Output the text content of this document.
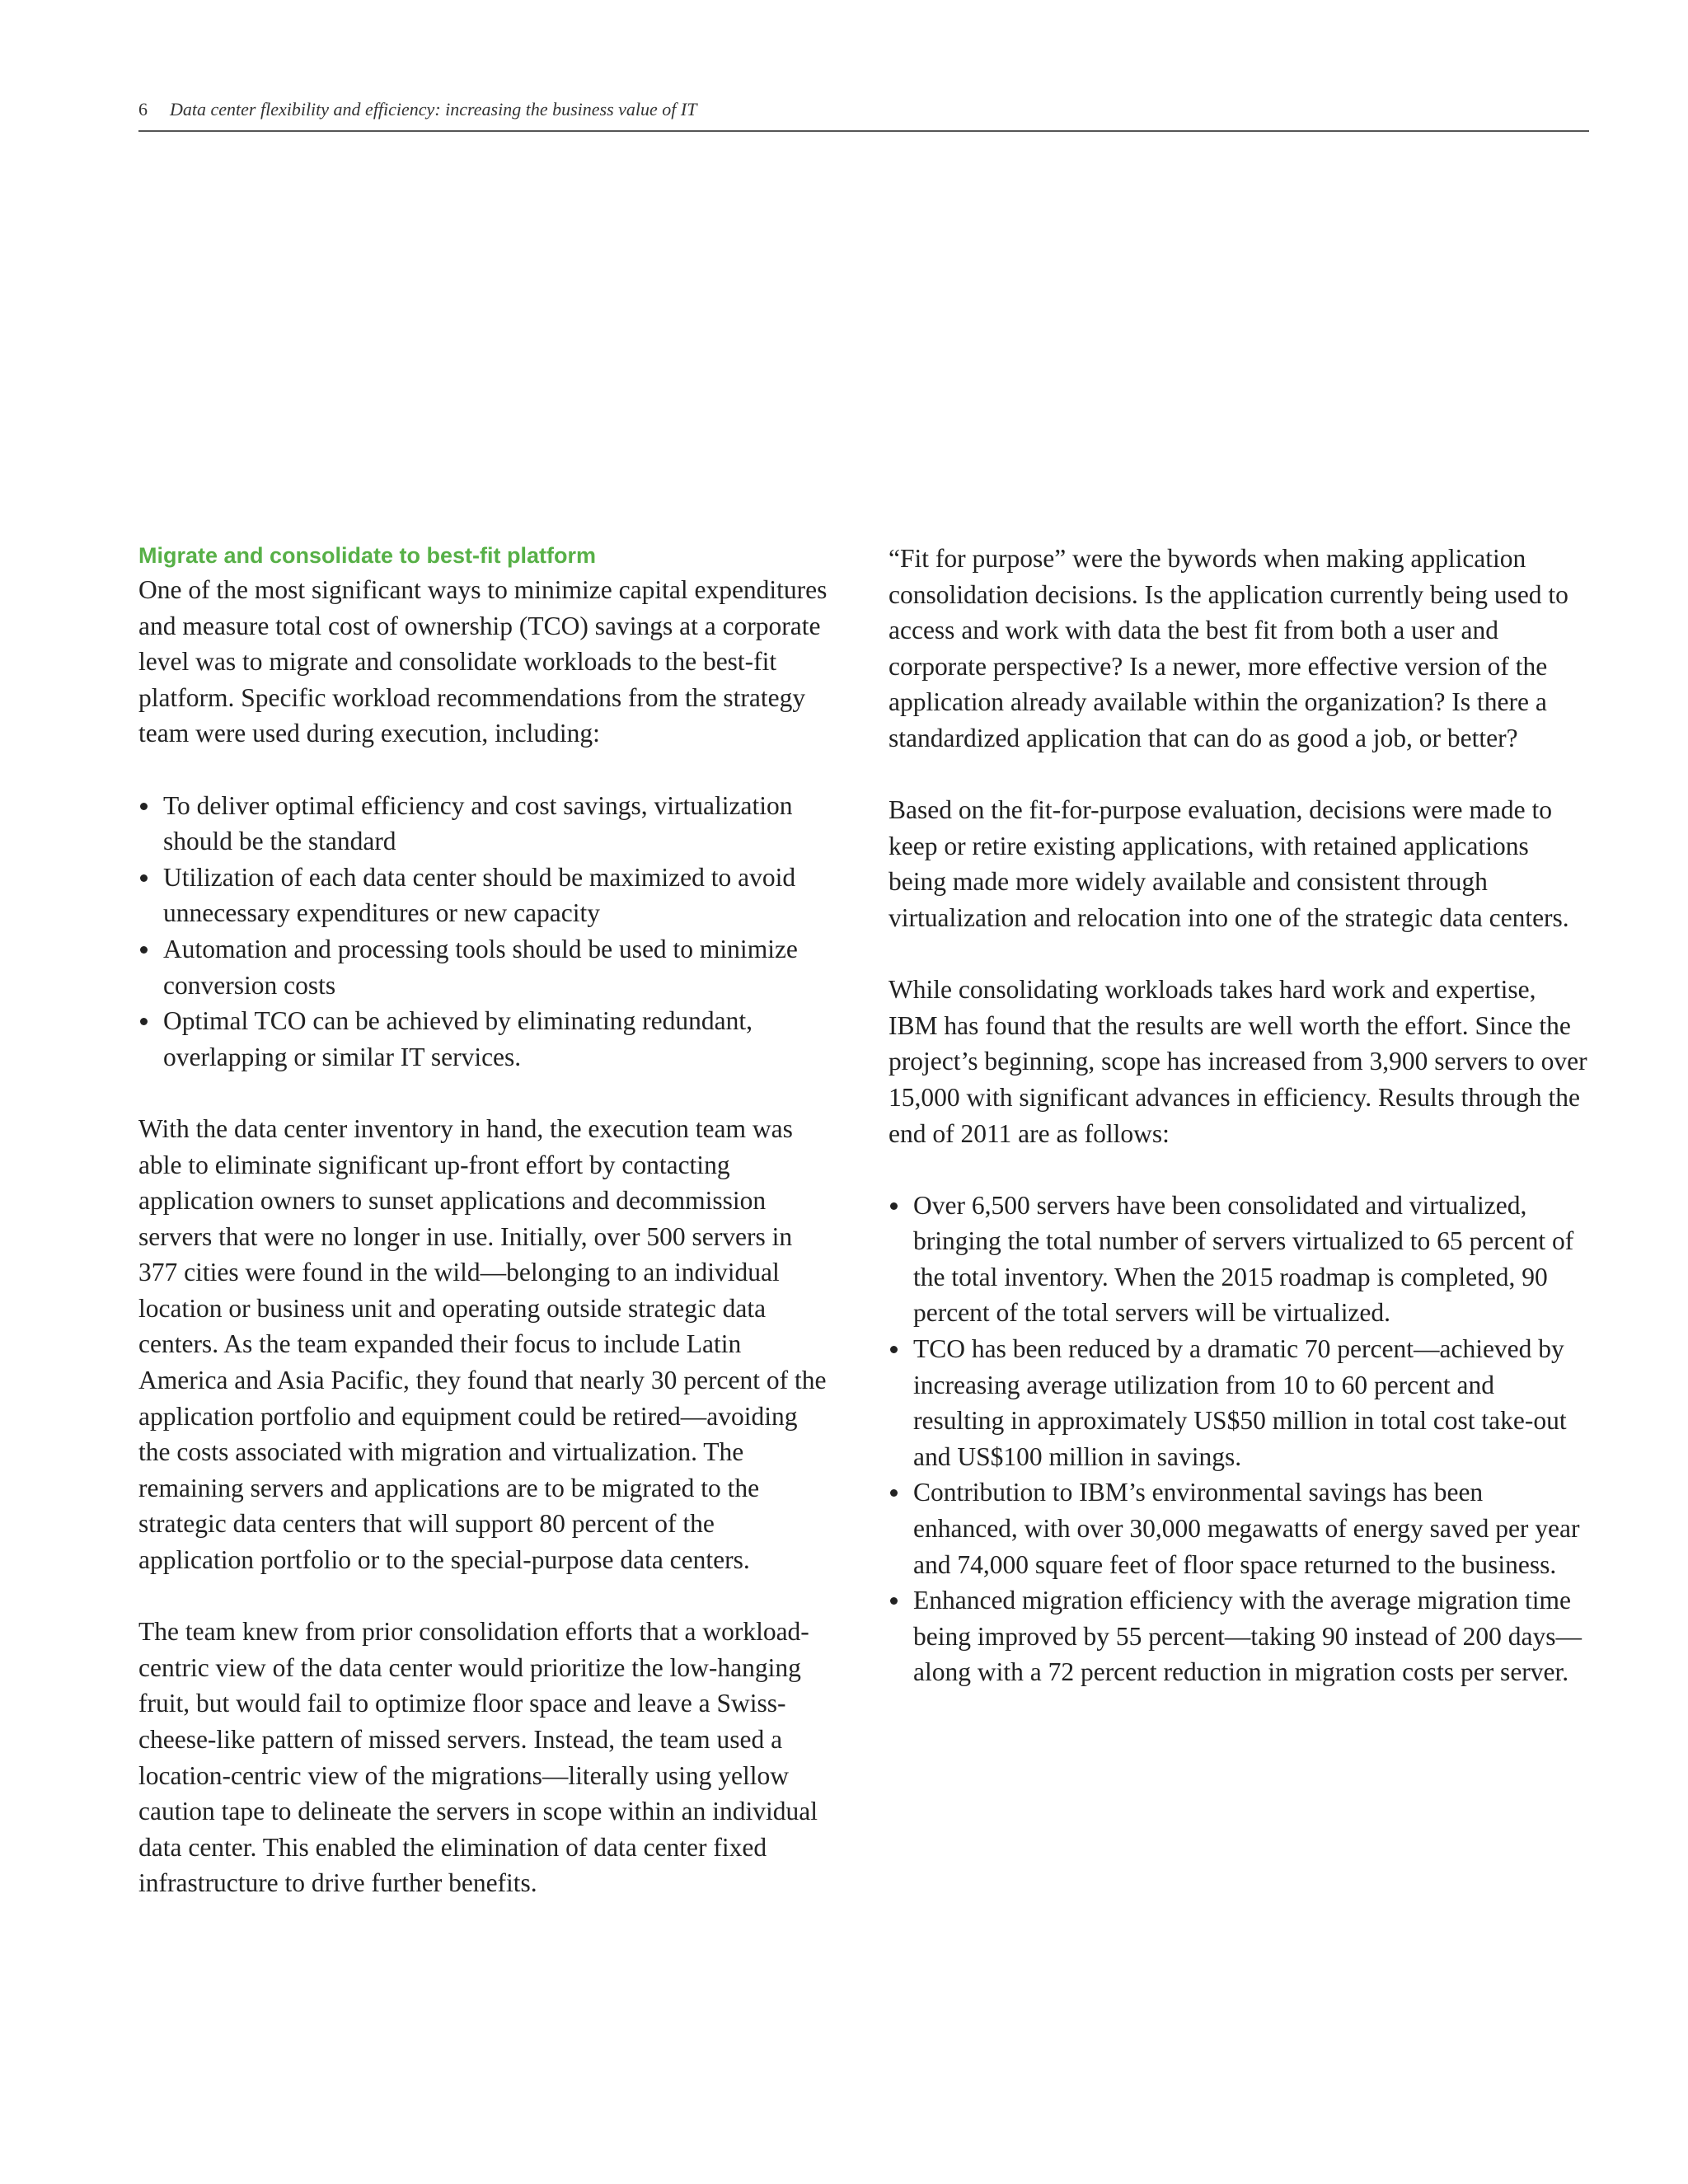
6 Data center flexibility and efficiency: increasing the business value of IT
Migrate and consolidate to best-fit platform

One of the most significant ways to minimize capital expenditures and measure total cost of ownership (TCO) savings at a corporate level was to migrate and consolidate workloads to the best-fit platform. Specific workload recommendations from the strategy team were used during execution, including:

To deliver optimal efficiency and cost savings, virtualization should be the standard
Utilization of each data center should be maximized to avoid unnecessary expenditures or new capacity
Automation and processing tools should be used to minimize conversion costs
Optimal TCO can be achieved by eliminating redundant, overlapping or similar IT services.

With the data center inventory in hand, the execution team was able to eliminate significant up-front effort by contacting application owners to sunset applications and decommission servers that were no longer in use. Initially, over 500 servers in 377 cities were found in the wild—belonging to an individual location or business unit and operating outside strategic data centers. As the team expanded their focus to include Latin America and Asia Pacific, they found that nearly 30 percent of the application portfolio and equipment could be retired—avoiding the costs associated with migration and virtualization. The remaining servers and applications are to be migrated to the strategic data centers that will support 80 percent of the application portfolio or to the special-purpose data centers.

The team knew from prior consolidation efforts that a workload-centric view of the data center would prioritize the low-hanging fruit, but would fail to optimize floor space and leave a Swiss-cheese-like pattern of missed servers. Instead, the team used a location-centric view of the migrations—literally using yellow caution tape to delineate the servers in scope within an individual data center. This enabled the elimination of data center fixed infrastructure to drive further benefits.

“Fit for purpose” were the bywords when making application consolidation decisions. Is the application currently being used to access and work with data the best fit from both a user and corporate perspective? Is a newer, more effective version of the application already available within the organization? Is there a standardized application that can do as good a job, or better?

Based on the fit-for-purpose evaluation, decisions were made to keep or retire existing applications, with retained applications being made more widely available and consistent through virtualization and relocation into one of the strategic data centers.

While consolidating workloads takes hard work and expertise, IBM has found that the results are well worth the effort. Since the project’s beginning, scope has increased from 3,900 servers to over 15,000 with significant advances in efficiency. Results through the end of 2011 are as follows:

Over 6,500 servers have been consolidated and virtualized, bringing the total number of servers virtualized to 65 percent of the total inventory. When the 2015 roadmap is completed, 90 percent of the total servers will be virtualized.
TCO has been reduced by a dramatic 70 percent—achieved by increasing average utilization from 10 to 60 percent and resulting in approximately US$50 million in total cost take-out and US$100 million in savings.
Contribution to IBM’s environmental savings has been enhanced, with over 30,000 megawatts of energy saved per year and 74,000 square feet of floor space returned to the business.
Enhanced migration efficiency with the average migration time being improved by 55 percent—taking 90 instead of 200 days—along with a 72 percent reduction in migration costs per server.
